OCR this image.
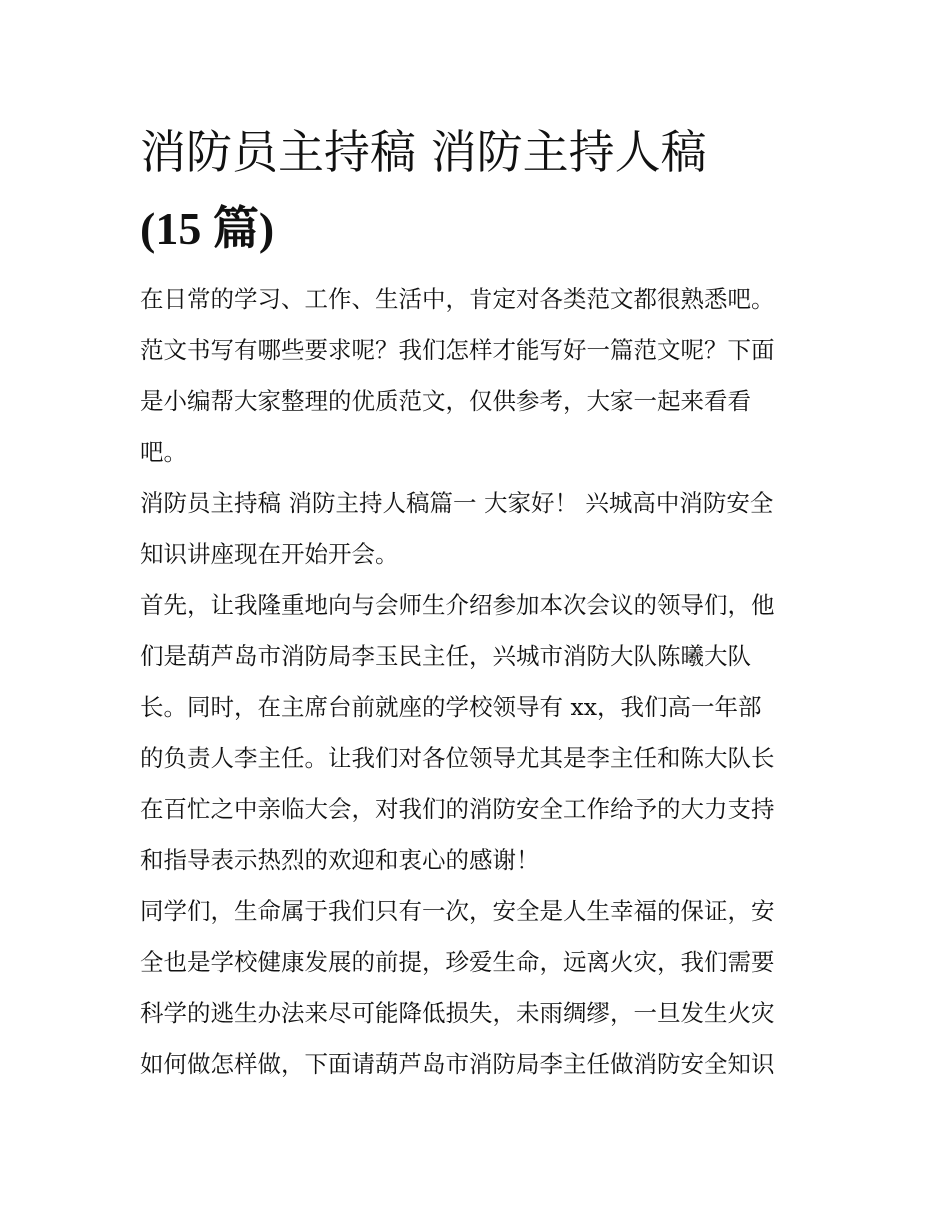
消防员主持稿 消防主持人稿
(15 篇)

在日常的学习、工作、生活中，肯定对各类范文都很熟悉吧。
范文书写有哪些要求呢？我们怎样才能写好一篇范文呢？下面
是小编帮大家整理的优质范文，仅供参考，大家一起来看看
吧。

消防员主持稿 消防主持人稿篇一 大家好！ 兴城高中消防安全
知识讲座现在开始开会。

首先，让我隆重地向与会师生介绍参加本次会议的领导们，他
们是葫芦岛市消防局李玉民主任，兴城市消防大队陈曦大队
长。同时，在主席台前就座的学校领导有 xx，我们高一年部
的负责人李主任。让我们对各位领导尤其是李主任和陈大队长
在百忙之中亲临大会，对我们的消防安全工作给予的大力支持
和指导表示热烈的欢迎和衷心的感谢！

同学们，生命属于我们只有一次，安全是人生幸福的保证，安
全也是学校健康发展的前提，珍爱生命，远离火灾，我们需要
科学的逃生办法来尽可能降低损失，未雨绸缪，一旦发生火灾
如何做怎样做，下面请葫芦岛市消防局李主任做消防安全知识
